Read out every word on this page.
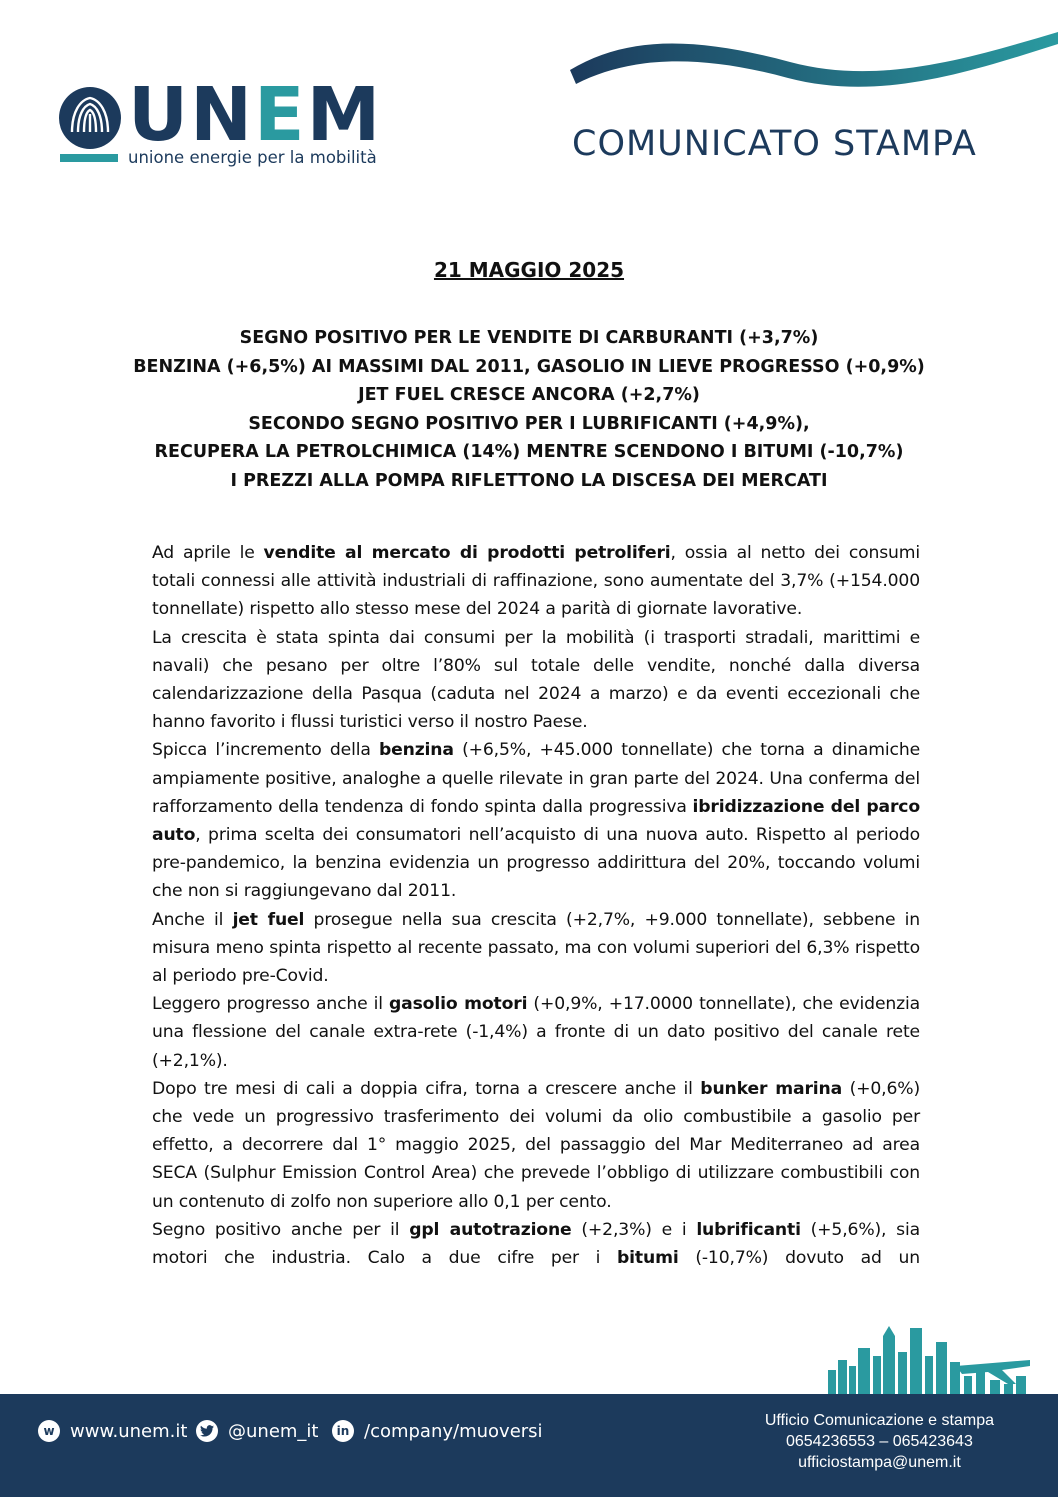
UNEM
unione energie per la mobilità	COMUNICATO STAMPA
21 MAGGIO 2025
SEGNO POSITIVO PER LE VENDITE DI CARBURANTI (+3,7%)
BENZINA (+6,5%) AI MASSIMI DAL 2011, GASOLIO IN LIEVE PROGRESSO (+0,9%)
JET FUEL CRESCE ANCORA (+2,7%)
SECONDO SEGNO POSITIVO PER I LUBRIFICANTI (+4,9%),
RECUPERA LA PETROLCHIMICA (14%) MENTRE SCENDONO I BITUMI (-10,7%)
I PREZZI ALLA POMPA RIFLETTONO LA DISCESA DEI MERCATI

Ad aprile le vendite al mercato di prodotti petroliferi, ossia al netto dei consumi totali connessi alle attività industriali di raffinazione, sono aumentate del 3,7% (+154.000 tonnellate) rispetto allo stesso mese del 2024 a parità di giornate lavorative.

La crescita è stata spinta dai consumi per la mobilità (i trasporti stradali, marittimi e navali) che pesano per oltre l’80% sul totale delle vendite, nonché dalla diversa calendarizzazione della Pasqua (caduta nel 2024 a marzo) e da eventi eccezionali che hanno favorito i flussi turistici verso il nostro Paese.

Spicca l’incremento della benzina (+6,5%, +45.000 tonnellate) che torna a dinamiche ampiamente positive, analoghe a quelle rilevate in gran parte del 2024. Una conferma del rafforzamento della tendenza di fondo spinta dalla progressiva ibridizzazione del parco auto, prima scelta dei consumatori nell’acquisto di una nuova auto. Rispetto al periodo pre-pandemico, la benzina evidenzia un progresso addirittura del 20%, toccando volumi che non si raggiungevano dal 2011.

Anche il jet fuel prosegue nella sua crescita (+2,7%, +9.000 tonnellate), sebbene in misura meno spinta rispetto al recente passato, ma con volumi superiori del 6,3% rispetto al periodo pre-Covid.

Leggero progresso anche il gasolio motori (+0,9%, +17.0000 tonnellate), che evidenzia una flessione del canale extra-rete (-1,4%) a fronte di un dato positivo del canale rete (+2,1%).

Dopo tre mesi di cali a doppia cifra, torna a crescere anche il bunker marina (+0,6%) che vede un progressivo trasferimento dei volumi da olio combustibile a gasolio per effetto, a decorrere dal 1° maggio 2025, del passaggio del Mar Mediterraneo ad area SECA (Sulphur Emission Control Area) che prevede l’obbligo di utilizzare combustibili con un contenuto di zolfo non superiore allo 0,1 per cento.

Segno positivo anche per il gpl autotrazione (+2,3%) e i lubrificanti (+5,6%), sia motori che industria. Calo a due cifre per i bitumi (-10,7%) dovuto ad un

w www.unem.it @unem_it	in /company/muoversi	Ufficio Comunicazione e stampa
0654236553 – 065423643
ufficiostampa@unem.it
